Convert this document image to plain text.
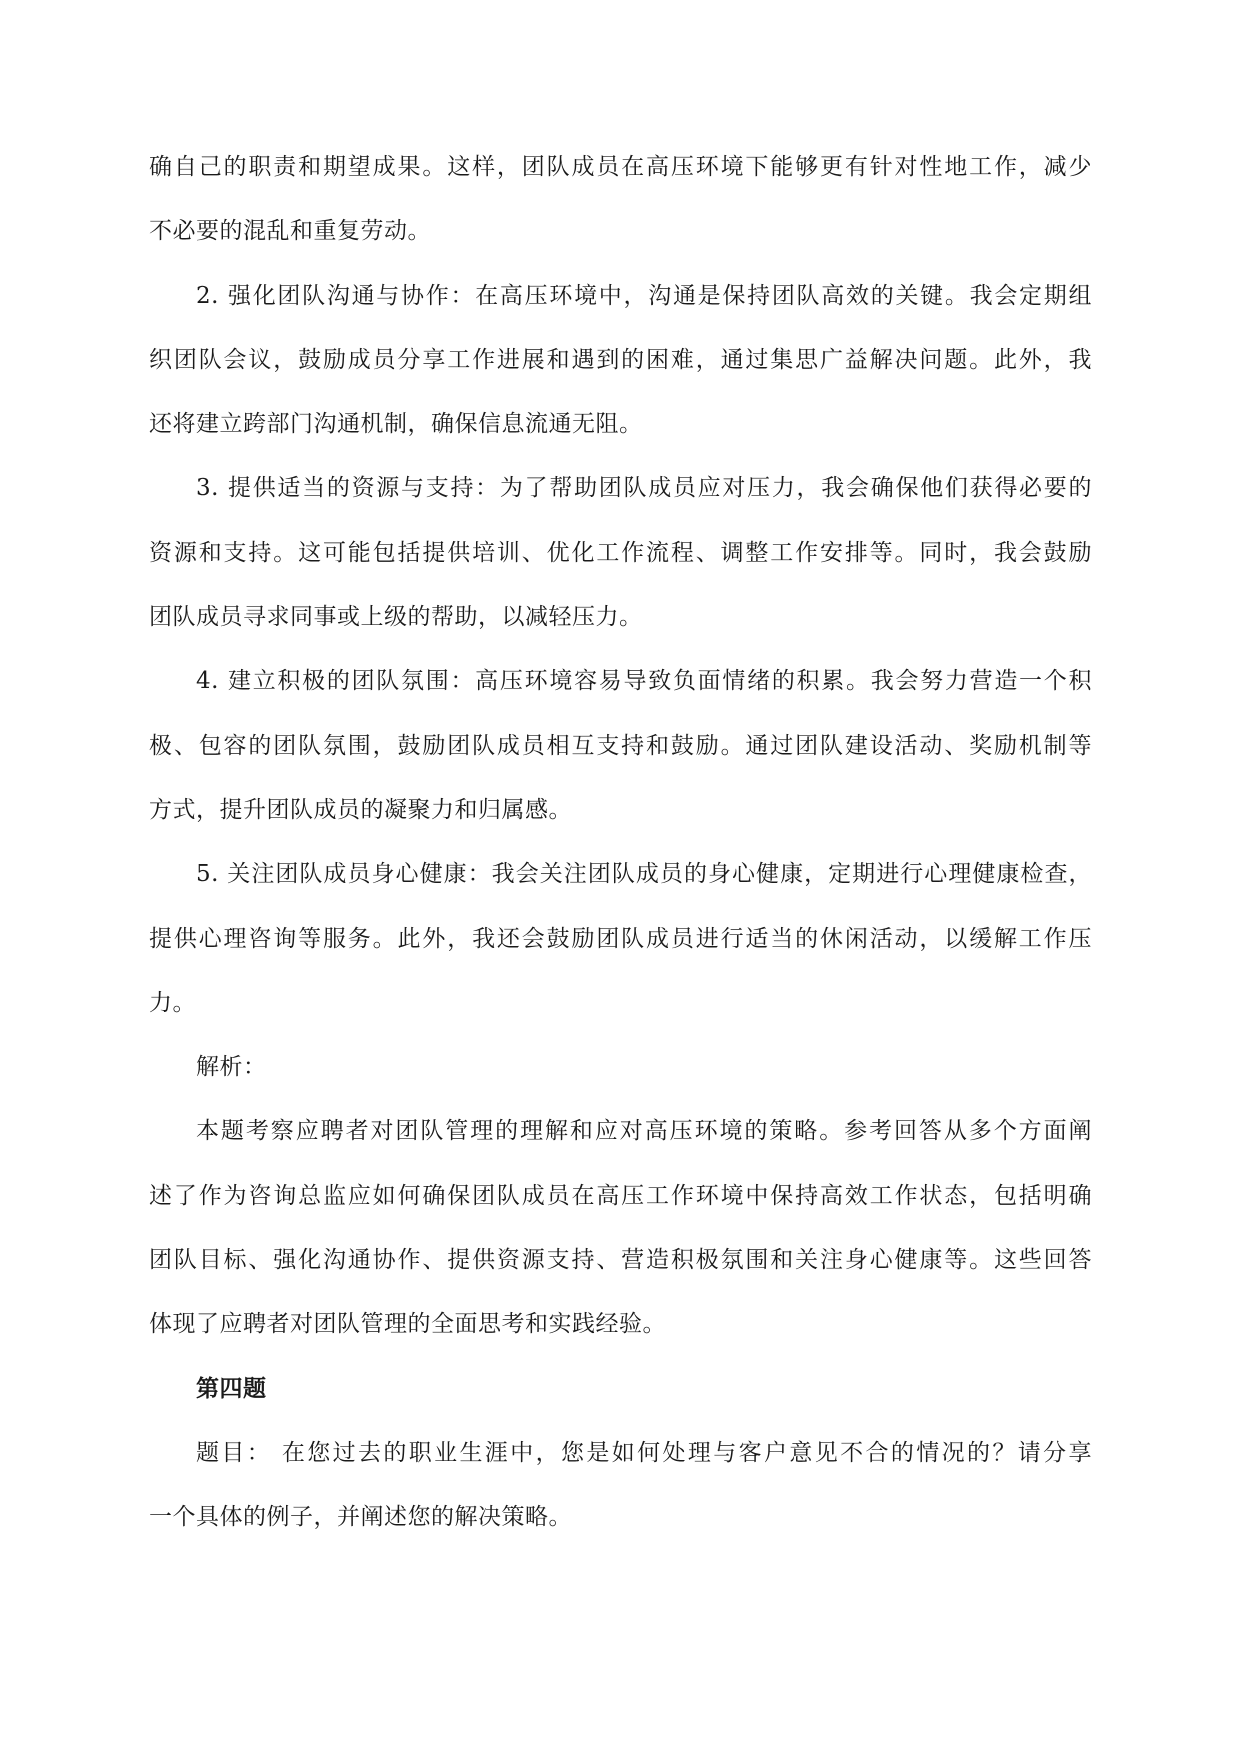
确自己的职责和期望成果。这样，团队成员在高压环境下能够更有针对性地工作，减少

不必要的混乱和重复劳动。

2. 强化团队沟通与协作：在高压环境中，沟通是保持团队高效的关键。我会定期组

织团队会议，鼓励成员分享工作进展和遇到的困难，通过集思广益解决问题。此外，我

还将建立跨部门沟通机制，确保信息流通无阻。

3. 提供适当的资源与支持：为了帮助团队成员应对压力，我会确保他们获得必要的

资源和支持。这可能包括提供培训、优化工作流程、调整工作安排等。同时，我会鼓励

团队成员寻求同事或上级的帮助，以减轻压力。

4. 建立积极的团队氛围：高压环境容易导致负面情绪的积累。我会努力营造一个积

极、包容的团队氛围，鼓励团队成员相互支持和鼓励。通过团队建设活动、奖励机制等

方式，提升团队成员的凝聚力和归属感。

5. 关注团队成员身心健康：我会关注团队成员的身心健康，定期进行心理健康检查，

提供心理咨询等服务。此外，我还会鼓励团队成员进行适当的休闲活动，以缓解工作压

力。

解析：

本题考察应聘者对团队管理的理解和应对高压环境的策略。参考回答从多个方面阐

述了作为咨询总监应如何确保团队成员在高压工作环境中保持高效工作状态，包括明确

团队目标、强化沟通协作、提供资源支持、营造积极氛围和关注身心健康等。这些回答

体现了应聘者对团队管理的全面思考和实践经验。

第四题

题目： 在您过去的职业生涯中，您是如何处理与客户意见不合的情况的？请分享

一个具体的例子，并阐述您的解决策略。
